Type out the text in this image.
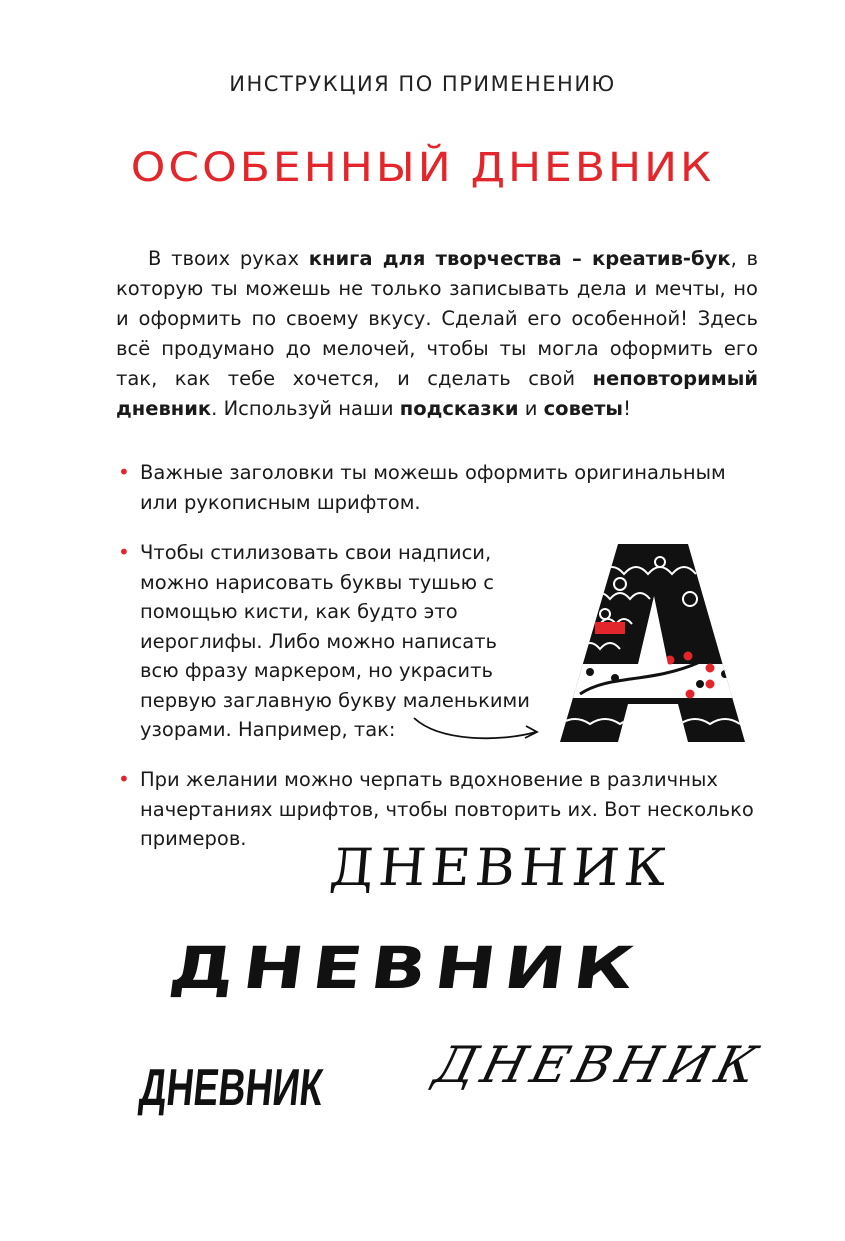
ИНСТРУКЦИЯ ПО ПРИМЕНЕНИЮ
ОСОБЕННЫЙ ДНЕВНИК

В твоих руках книга для творчества – креатив-бук, в которую ты можешь не только записывать дела и мечты, но и оформить по своему вкусу. Сделай его особенной! Здесь всё продумано до мелочей, чтобы ты могла оформить его так, как тебе хочется, и сделать свой неповторимый дневник. Используй наши подсказки и советы!

• Важные заголовки ты можешь оформить оригинальным или рукописным шрифтом.
• Чтобы стилизовать свои надписи, можно нарисовать буквы тушью с помощью кисти, как будто это иероглифы. Либо можно написать всю фразу маркером, но украсить первую заглавную букву маленькими узорами. Например, так:
• При желании можно черпать вдохновение в различных начертаниях шрифтов, чтобы повторить их. Вот несколько примеров.	ДНЕВНИК
ДНЕВНИК
ДНЕВНИК ДНЕВНИК
